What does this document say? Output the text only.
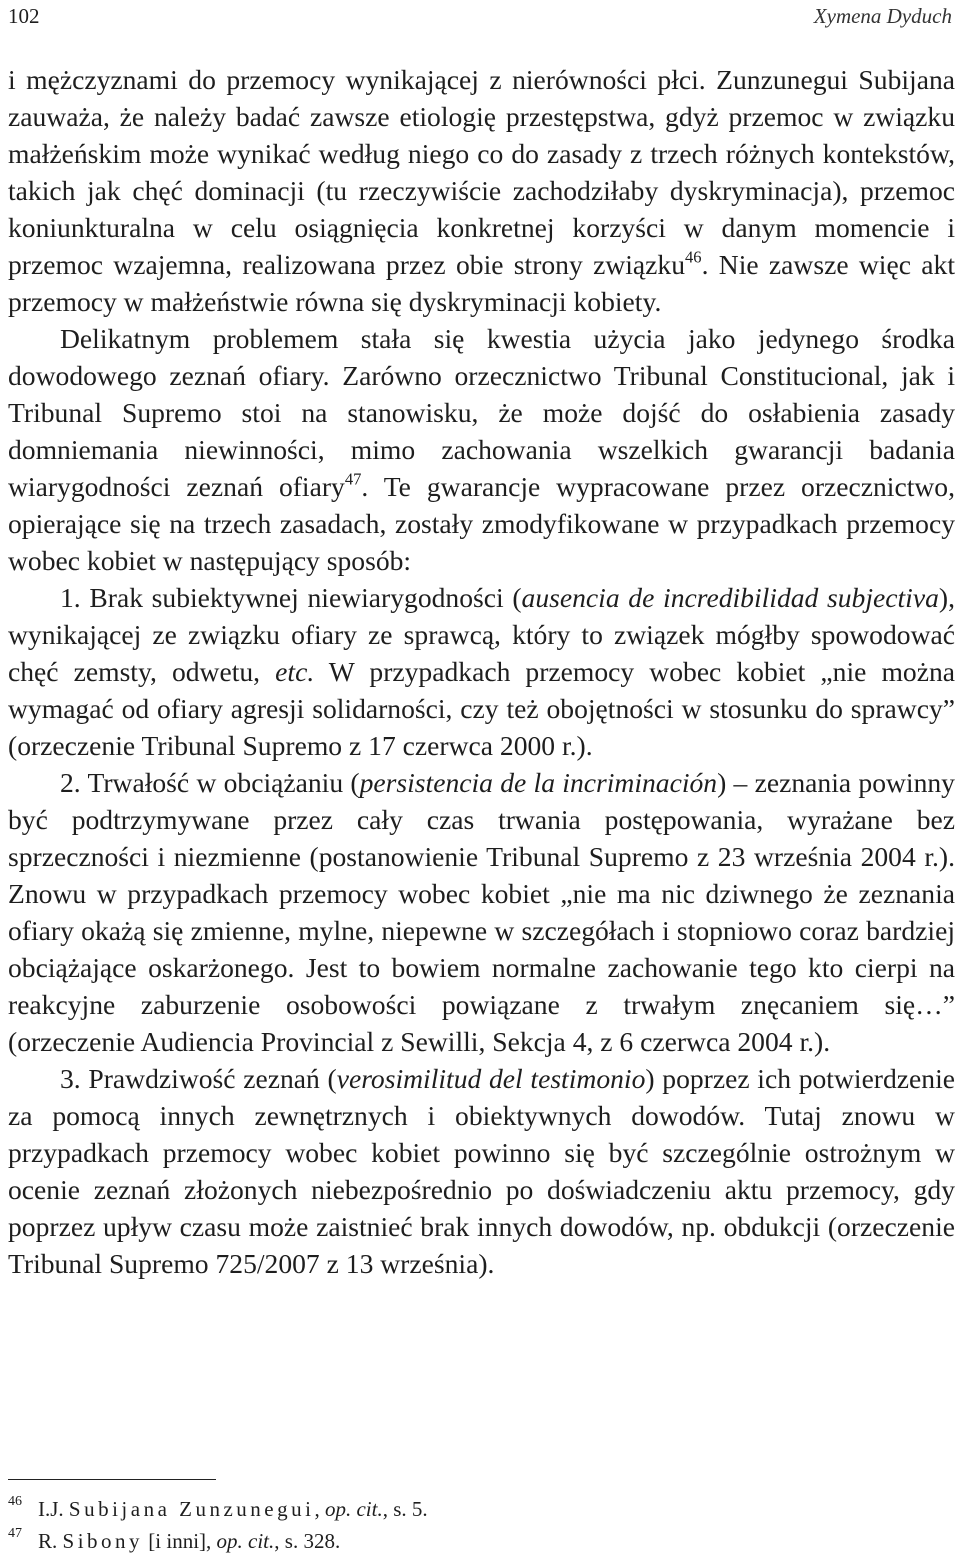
102	Xymena Dyduch

i mężczyznami do przemocy wynikającej z nierówności płci. Zunzunegui Subijana zauważa, że należy badać zawsze etiologię przestępstwa, gdyż przemoc w związku małżeńskim może wynikać według niego co do zasady z trzech różnych kontekstów, takich jak chęć dominacji (tu rzeczywiście zachodziłaby dyskryminacja), przemoc koniunkturalna w celu osiągnięcia konkretnej korzyści w danym momencie i przemoc wzajemna, realizowana przez obie strony związku$^{46}$. Nie zawsze więc akt przemocy w małżeństwie równa się dyskryminacji kobiety.

Delikatnym problemem stała się kwestia użycia jako jedynego środka dowodowego zeznań ofiary. Zarówno orzecznictwo Tribunal Constitucional, jak i Tribunal Supremo stoi na stanowisku, że może dojść do osłabienia zasady domniemania niewinności, mimo zachowania wszelkich gwarancji badania wiarygodności zeznań ofiary$^{47}$. Te gwarancje wypracowane przez orzecznictwo, opierające się na trzech zasadach, zostały zmodyfikowane w przypadkach przemocy wobec kobiet w następujący sposób:

1. Brak subiektywnej niewiarygodności (ausencia de incredibilidad subjectiva), wynikającej ze związku ofiary ze sprawcą, który to związek mógłby spowodować chęć zemsty, odwetu, etc. W przypadkach przemocy wobec kobiet „nie można wymagać od ofiary agresji solidarności, czy też obojętności w stosunku do sprawcy” (orzeczenie Tribunal Supremo z 17 czerwca 2000 r.).

2. Trwałość w obciążaniu (persistencia de la incriminación) – zeznania powinny być podtrzymywane przez cały czas trwania postępowania, wyrażane bez sprzeczności i niezmienne (postanowienie Tribunal Supremo z 23 września 2004 r.). Znowu w przypadkach przemocy wobec kobiet „nie ma nic dziwnego że zeznania ofiary okażą się zmienne, mylne, niepewne w szczegółach i stopniowo coraz bardziej obciążające oskarżonego. Jest to bowiem normalne zachowanie tego kto cierpi na reakcyjne zaburzenie osobowości powiązane z trwałym znęcaniem się…” (orzeczenie Audiencia Provincial z Sewilli, Sekcja 4, z 6 czerwca 2004 r.).

3. Prawdziwość zeznań (verosimilitud del testimonio) poprzez ich potwierdzenie za pomocą innych zewnętrznych i obiektywnych dowodów. Tutaj znowu w przypadkach przemocy wobec kobiet powinno się być szczególnie ostrożnym w ocenie zeznań złożonych niebezpośrednio po doświadczeniu aktu przemocy, gdy poprzez upływ czasu może zaistnieć brak innych dowodów, np. obdukcji (orzeczenie Tribunal Supremo 725/2007 z 13 września).

46 I.J. Subijana Zunzunegui, op. cit., s. 5.
47 R. Sibony [i inni], op. cit., s. 328.
